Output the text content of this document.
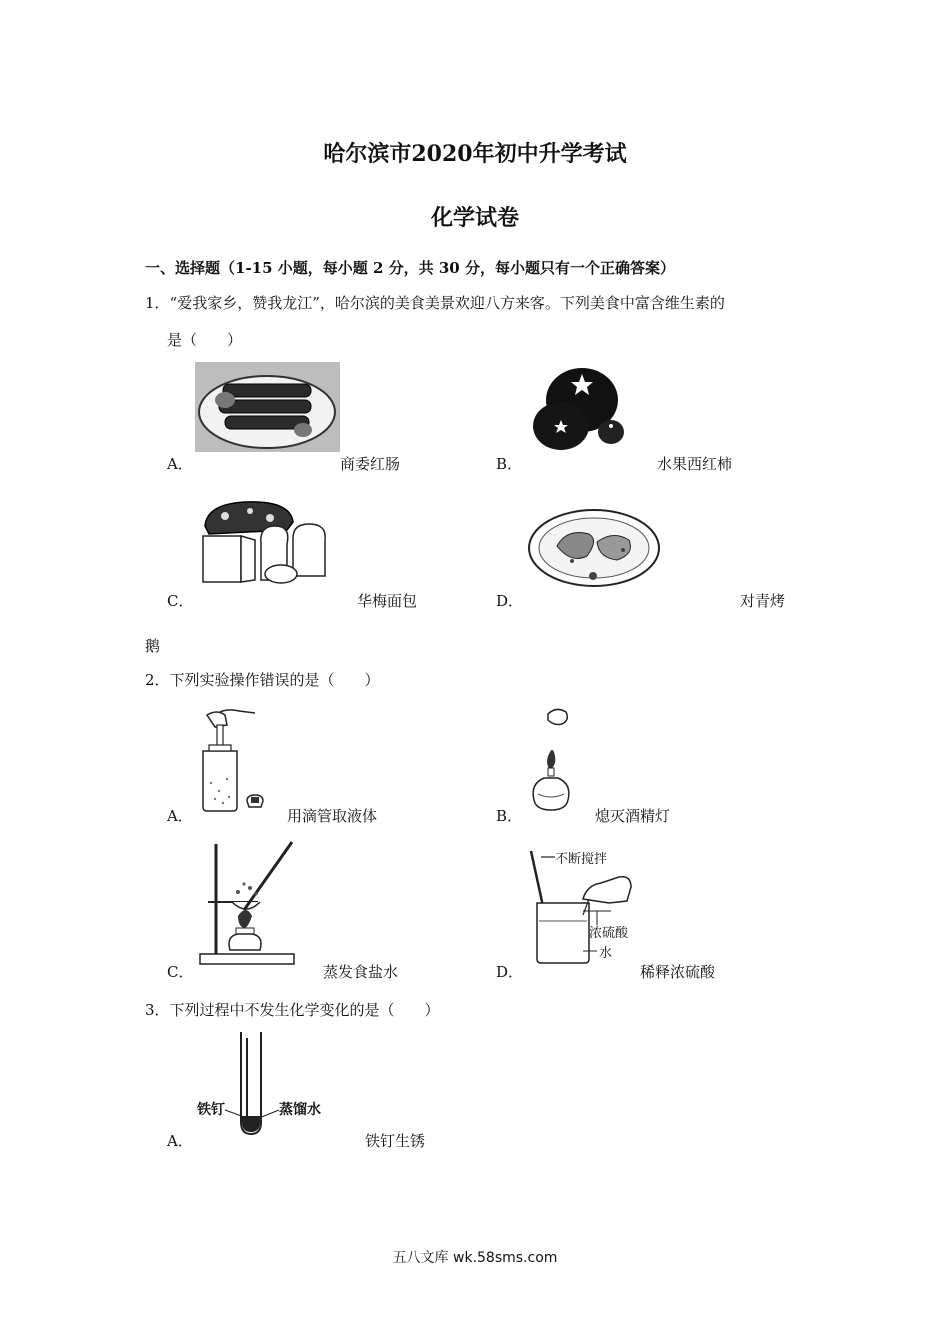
哈尔滨市2020年初中升学考试
化学试卷
一、选择题（1-15 小题，每小题 2 分，共 30 分，每小题只有一个正确答案）
1．“爱我家乡，赞我龙江”，哈尔滨的美食美景欢迎八方来客。下列美食中富含维生素的
是（　　）
A．	商委红肠	B．	水果西红柿
C．	华梅面包	D．	对青烤
鹅
2．下列实验操作错误的是（　　）
A．	用滴管取液体	B．	熄灭酒精灯
C．	蒸发食盐水
不断搅拌
浓硫酸
水
D．	稀释浓硫酸
3．下列过程中不发生化学变化的是（　　）
铁钉	蒸馏水
A．	铁钉生锈
五八文库 wk.58sms.com
